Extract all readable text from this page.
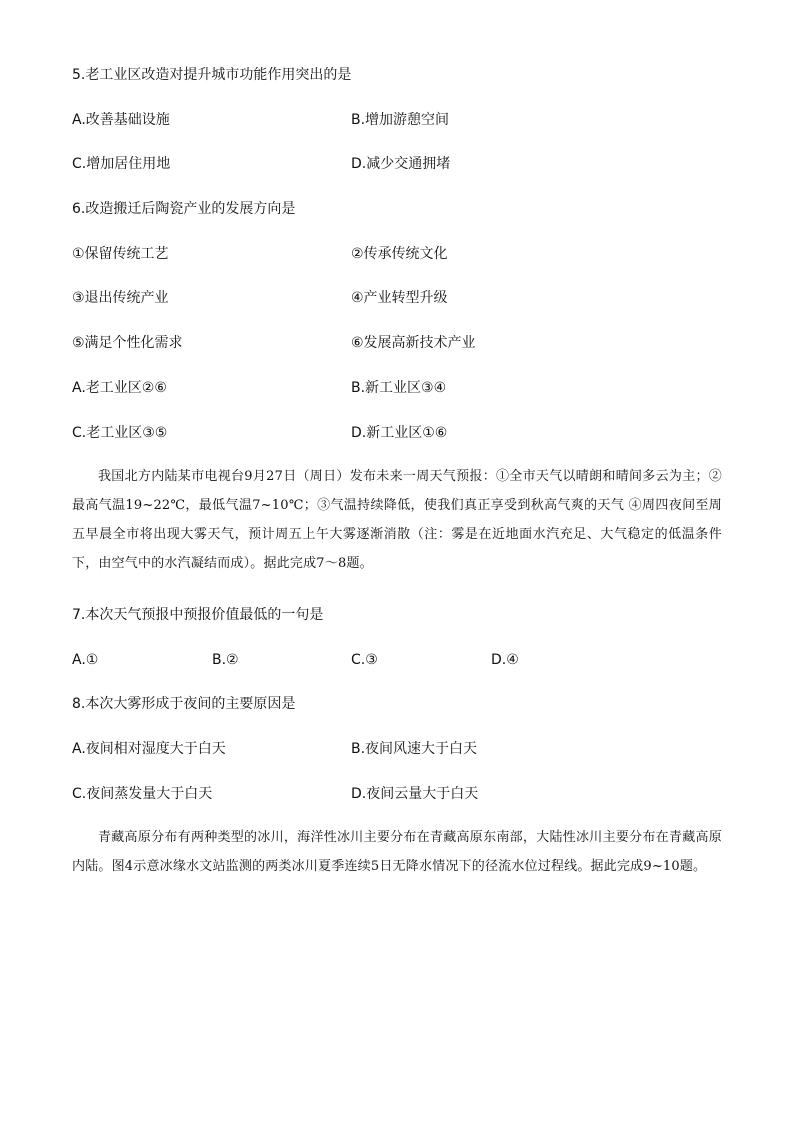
5.老工业区改造对提升城市功能作用突出的是
A.改善基础设施	B.增加游憩空间
C.增加居住用地	D.减少交通拥堵
6.改造搬迁后陶瓷产业的发展方向是
①保留传统工艺	②传承传统文化
③退出传统产业	④产业转型升级
⑤满足个性化需求	⑥发展高新技术产业
A.老工业区②⑥	B.新工业区③④
C.老工业区③⑤	D.新工业区①⑥
我国北方内陆某市电视台9月27日（周日）发布未来一周天气预报：①全市天气以晴朗和晴间多云为主；②最高气温19~22℃，最低气温7~10℃；③气温持续降低，使我们真正享受到秋高气爽的天气 ④周四夜间至周五早晨全市将出现大雾天气，预计周五上午大雾逐渐消散（注：雾是在近地面水汽充足、大气稳定的低温条件下，由空气中的水汽凝结而成）。据此完成7～8题。
7.本次天气预报中预报价值最低的一句是
A.①	B.②	C.③	D.④
8.本次大雾形成于夜间的主要原因是
A.夜间相对湿度大于白天	B.夜间风速大于白天
C.夜间蒸发量大于白天	D.夜间云量大于白天
青藏高原分布有两种类型的冰川，海洋性冰川主要分布在青藏高原东南部，大陆性冰川主要分布在青藏高原内陆。图4示意冰缘水文站监测的两类冰川夏季连续5日无降水情况下的径流水位过程线。据此完成9~10题。
